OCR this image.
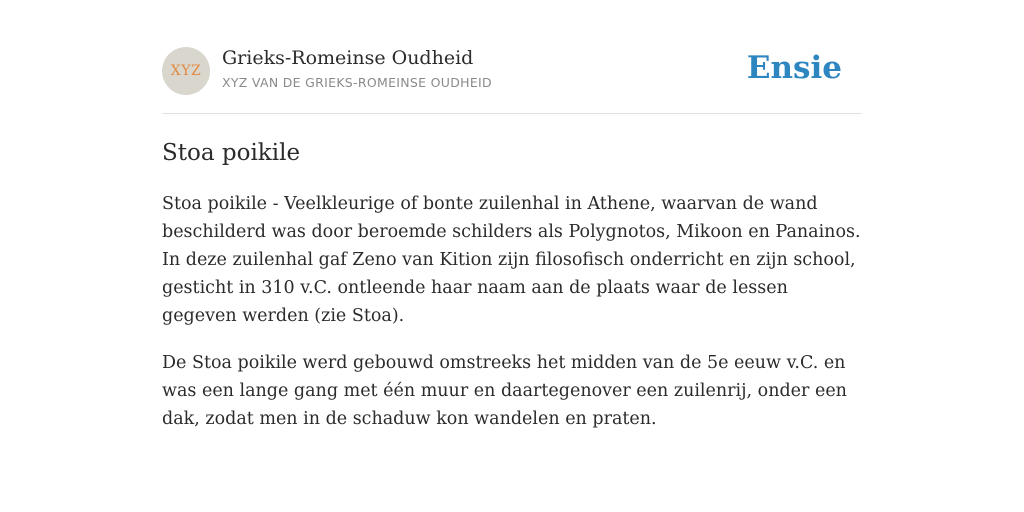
XYZ
Grieks-Romeinse Oudheid
XYZ VAN DE GRIEKS-ROMEINSE OUDHEID	Ensie
Stoa poikile

Stoa poikile - Veelkleurige of bonte zuilenhal in Athene, waarvan de wand beschilderd was door beroemde schilders als Polygnotos, Mikoon en Panainos. In deze zuilenhal gaf Zeno van Kition zijn filosofisch onderricht en zijn school, gesticht in 310 v.C. ontleende haar naam aan de plaats waar de lessen gegeven werden (zie Stoa).

De Stoa poikile werd gebouwd omstreeks het midden van de 5e eeuw v.C. en was een lange gang met één muur en daartegenover een zuilenrij, onder een dak, zodat men in de schaduw kon wandelen en praten.
